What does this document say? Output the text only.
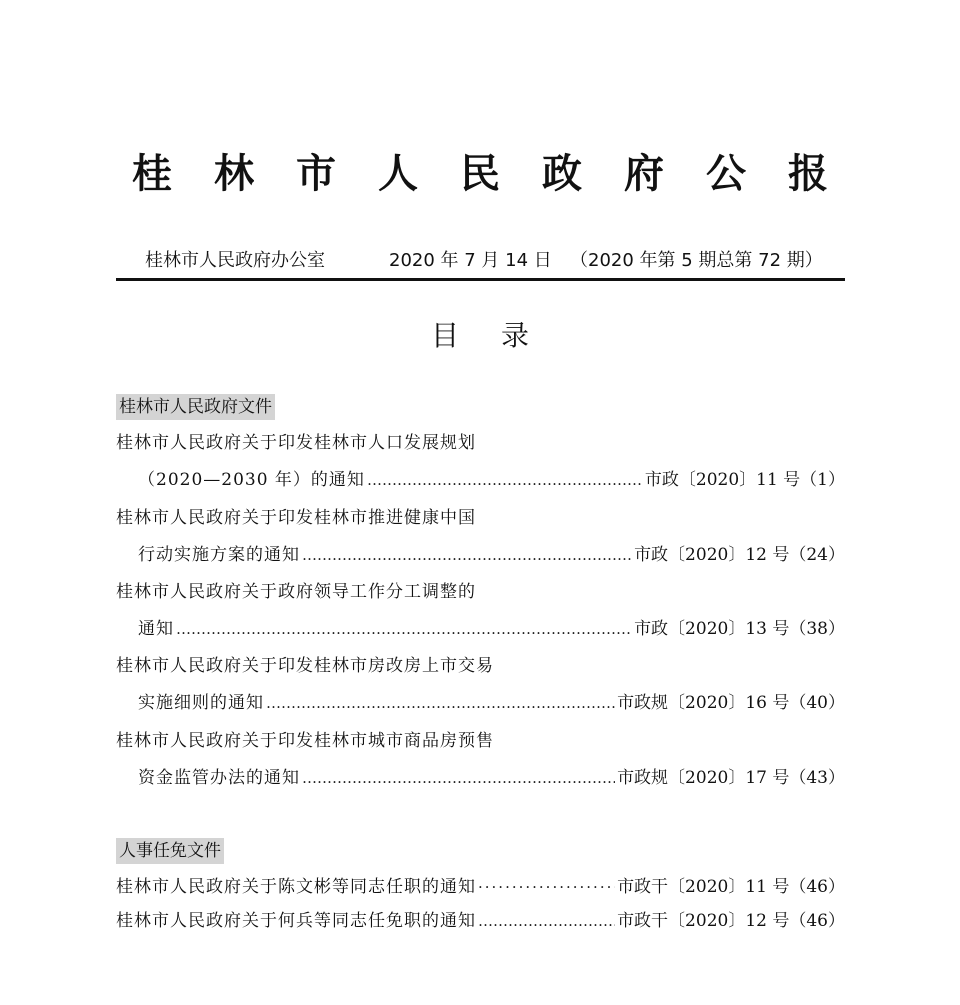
桂林市人民政府公报
桂林市人民政府办公室	2020 年 7 月 14 日 （2020 年第 5 期总第 72 期）
目录
桂林市人民政府文件
桂林市人民政府关于印发桂林市人口发展规划
（2020—2030 年）的通知 …………………………………………………………………………………………………………………………………………………………	市政〔2020〕11 号（1）
桂林市人民政府关于印发桂林市推进健康中国
行动实施方案的通知 …………………………………………………………………………………………………………………………………………………………	市政〔2020〕12 号（24）
桂林市人民政府关于政府领导工作分工调整的
通知 …………………………………………………………………………………………………………………………………………………………	市政〔2020〕13 号（38）
桂林市人民政府关于印发桂林市房改房上市交易
实施细则的通知 …………………………………………………………………………………………………………………………………………………………	市政规〔2020〕16 号（40）
桂林市人民政府关于印发桂林市城市商品房预售
资金监管办法的通知 …………………………………………………………………………………………………………………………………………………………	市政规〔2020〕17 号（43）
人事任免文件
桂林市人民政府关于陈文彬等同志任职的通知 ·····	市政干〔2020〕11 号（46）
桂林市人民政府关于何兵等同志任免职的通知 …………………………………………………………………………………………………………………………………………………………	市政干〔2020〕12 号（46）
